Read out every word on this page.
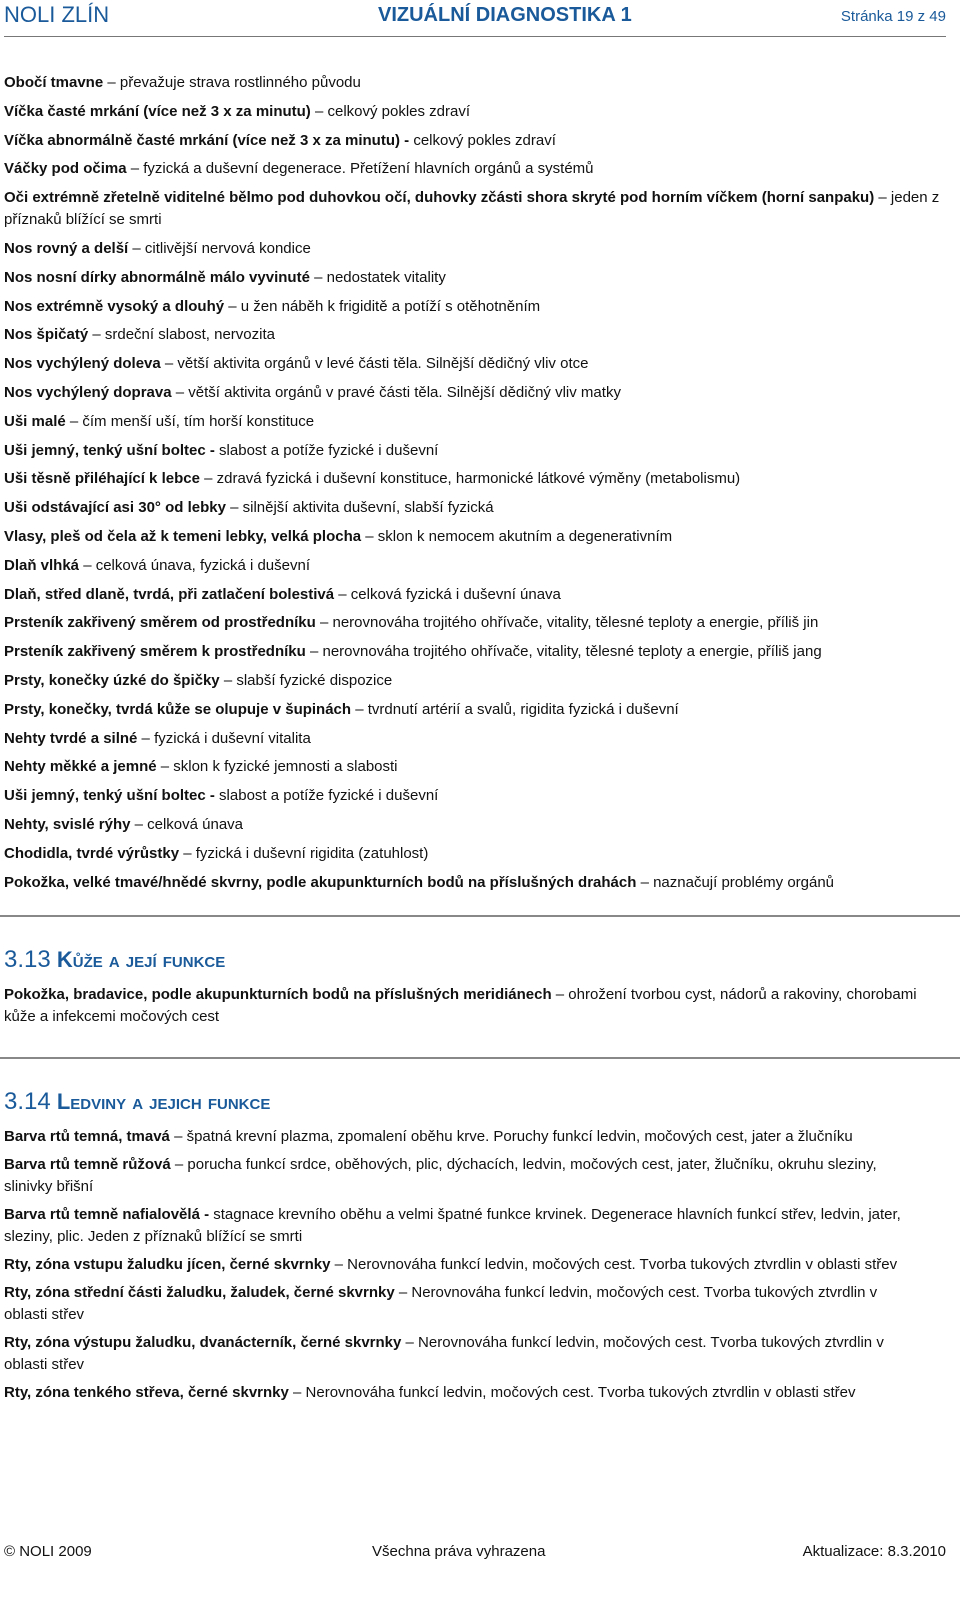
NOLI ZLÍN	VIZUÁLNÍ DIAGNOSTIKA 1	Stránka 19 z 49
Obočí tmavne – převažuje strava rostlinného původu
Víčka časté mrkání (více než 3 x za minutu) – celkový pokles zdraví
Víčka abnormálně časté mrkání (více než 3 x za minutu) - celkový pokles zdraví
Váčky pod očima – fyzická a duševní degenerace. Přetížení hlavních orgánů a systémů
Oči extrémně zřetelně viditelné bělmo pod duhovkou očí, duhovky zčásti shora skryté pod horním víčkem (horní sanpaku) – jeden z příznaků blížící se smrti
Nos rovný a delší – citlivější nervová kondice
Nos nosní dírky abnormálně málo vyvinuté – nedostatek vitality
Nos extrémně vysoký a dlouhý – u žen náběh k frigiditě a potíží s otěhotněním
Nos špičatý – srdeční slabost, nervozita
Nos vychýlený doleva – větší aktivita orgánů v levé části těla. Silnější dědičný vliv otce
Nos vychýlený doprava – větší aktivita orgánů v pravé části těla. Silnější dědičný vliv matky
Uši malé – čím menší uší, tím horší konstituce
Uši jemný, tenký ušní boltec - slabost a potíže fyzické i duševní
Uši těsně přiléhající k lebce – zdravá fyzická i duševní konstituce, harmonické látkové výměny (metabolismu)
Uši odstávající asi 30° od lebky – silnější aktivita duševní, slabší fyzická
Vlasy, pleš od čela až k temeni lebky, velká plocha – sklon k nemocem akutním a degenerativním
Dlaň vlhká – celková únava, fyzická i duševní
Dlaň, střed dlaně, tvrdá, při zatlačení bolestivá – celková fyzická i duševní únava
Prsteník zakřivený směrem od prostředníku – nerovnováha trojitého ohřívače, vitality, tělesné teploty a energie, příliš jin
Prsteník zakřivený směrem k prostředníku – nerovnováha trojitého ohřívače, vitality, tělesné teploty a energie, příliš jang
Prsty, konečky úzké do špičky – slabší fyzické dispozice
Prsty, konečky, tvrdá kůže se olupuje v šupinách – tvrdnutí artérií a svalů, rigidita fyzická i duševní
Nehty tvrdé a silné – fyzická i duševní vitalita
Nehty měkké a jemné – sklon k fyzické jemnosti a slabosti
Uši jemný, tenký ušní boltec - slabost a potíže fyzické i duševní
Nehty, svislé rýhy – celková únava
Chodidla, tvrdé výrůstky – fyzická i duševní rigidita (zatuhlost)
Pokožka, velké tmavé/hnědé skvrny, podle akupunkturních bodů na příslušných drahách – naznačují problémy orgánů
3.13 Kůže a její funkce
Pokožka, bradavice, podle akupunkturních bodů na příslušných meridiánech – ohrožení tvorbou cyst, nádorů a rakoviny, chorobami kůže a infekcemi močových cest
3.14 Ledviny a jejich funkce
Barva rtů temná, tmavá – špatná krevní plazma, zpomalení oběhu krve. Poruchy funkcí ledvin, močových cest, jater a žlučníku
Barva rtů temně růžová – porucha funkcí srdce, oběhových, plic, dýchacích, ledvin, močových cest, jater, žlučníku, okruhu sleziny, slinivky břišní
Barva rtů temně nafialovělá - stagnace krevního oběhu a velmi špatné funkce krvinek. Degenerace hlavních funkcí střev, ledvin, jater, sleziny, plic. Jeden z příznaků blížící se smrti
Rty, zóna vstupu žaludku jícen, černé skvrnky – Nerovnováha funkcí ledvin, močových cest. Tvorba tukových ztvrdlin v oblasti střev
Rty, zóna střední části žaludku, žaludek, černé skvrnky – Nerovnováha funkcí ledvin, močových cest. Tvorba tukových ztvrdlin v oblasti střev
Rty, zóna výstupu žaludku, dvanácterník, černé skvrnky – Nerovnováha funkcí ledvin, močových cest. Tvorba tukových ztvrdlin v oblasti střev
Rty, zóna tenkého střeva, černé skvrnky – Nerovnováha funkcí ledvin, močových cest. Tvorba tukových ztvrdlin v oblasti střev
© NOLI 2009	Všechna práva vyhrazena	Aktualizace: 8.3.2010
